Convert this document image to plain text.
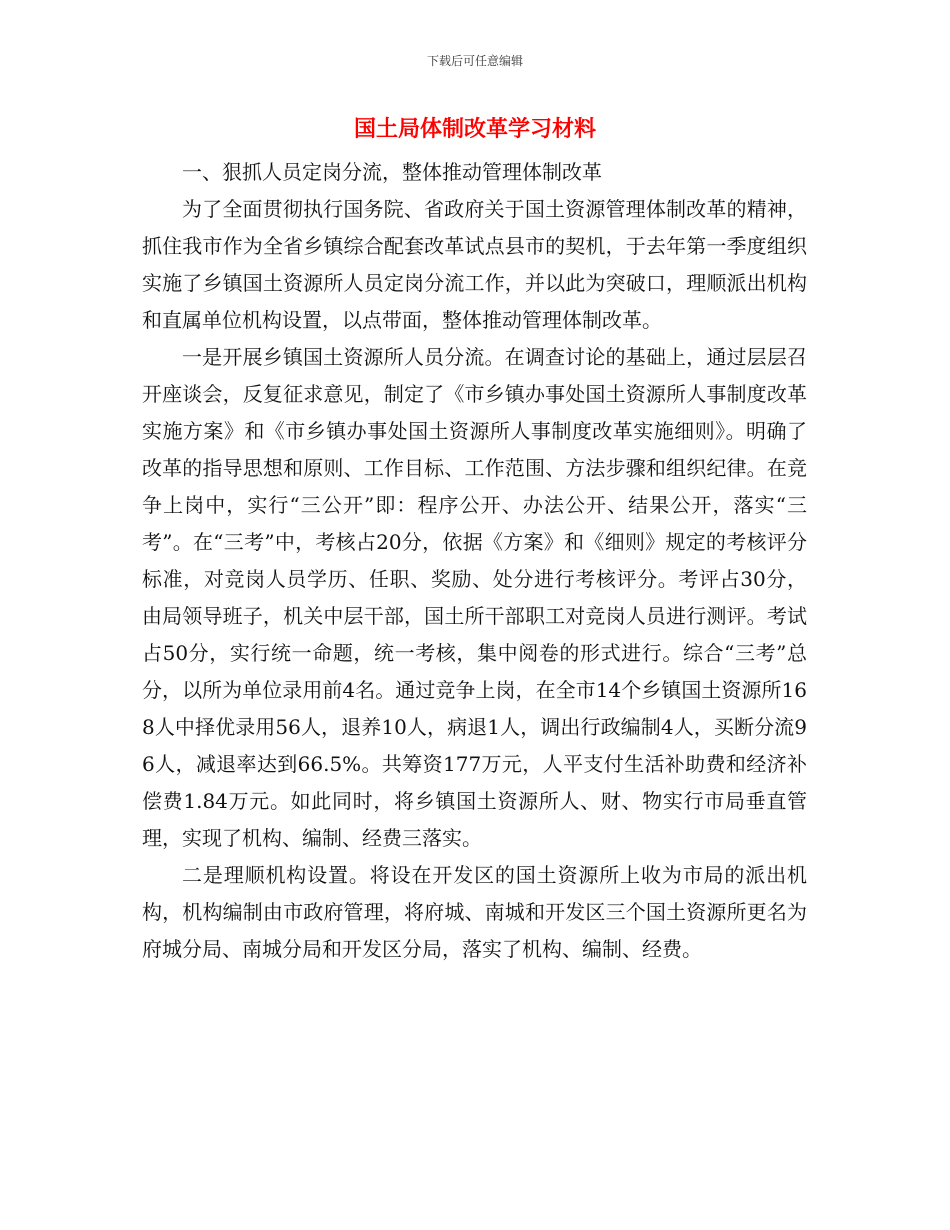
下载后可任意编辑
国土局体制改革学习材料

一、狠抓人员定岗分流，整体推动管理体制改革

为了全面贯彻执行国务院、省政府关于国土资源管理体制改革的精神，抓住我市作为全省乡镇综合配套改革试点县市的契机，于去年第一季度组织实施了乡镇国土资源所人员定岗分流工作，并以此为突破口，理顺派出机构和直属单位机构设置，以点带面，整体推动管理体制改革。

一是开展乡镇国土资源所人员分流。在调查讨论的基础上，通过层层召开座谈会，反复征求意见，制定了《市乡镇办事处国土资源所人事制度改革实施方案》和《市乡镇办事处国土资源所人事制度改革实施细则》。明确了改革的指导思想和原则、工作目标、工作范围、方法步骤和组织纪律。在竞争上岗中，实行“三公开”即：程序公开、办法公开、结果公开，落实“三考”。在“三考”中，考核占20分，依据《方案》和《细则》规定的考核评分标准，对竞岗人员学历、任职、奖励、处分进行考核评分。考评占30分，由局领导班子，机关中层干部，国土所干部职工对竞岗人员进行测评。考试占50分，实行统一命题，统一考核，集中阅卷的形式进行。综合“三考”总分，以所为单位录用前4名。通过竞争上岗，在全市14个乡镇国土资源所168人中择优录用56人，退养10人，病退1人，调出行政编制4人，买断分流96人，减退率达到66.5%。共筹资177万元，人平支付生活补助费和经济补偿费1.84万元。如此同时，将乡镇国土资源所人、财、物实行市局垂直管理，实现了机构、编制、经费三落实。

二是理顺机构设置。将设在开发区的国土资源所上收为市局的派出机构，机构编制由市政府管理，将府城、南城和开发区三个国土资源所更名为府城分局、南城分局和开发区分局，落实了机构、编制、经费。
